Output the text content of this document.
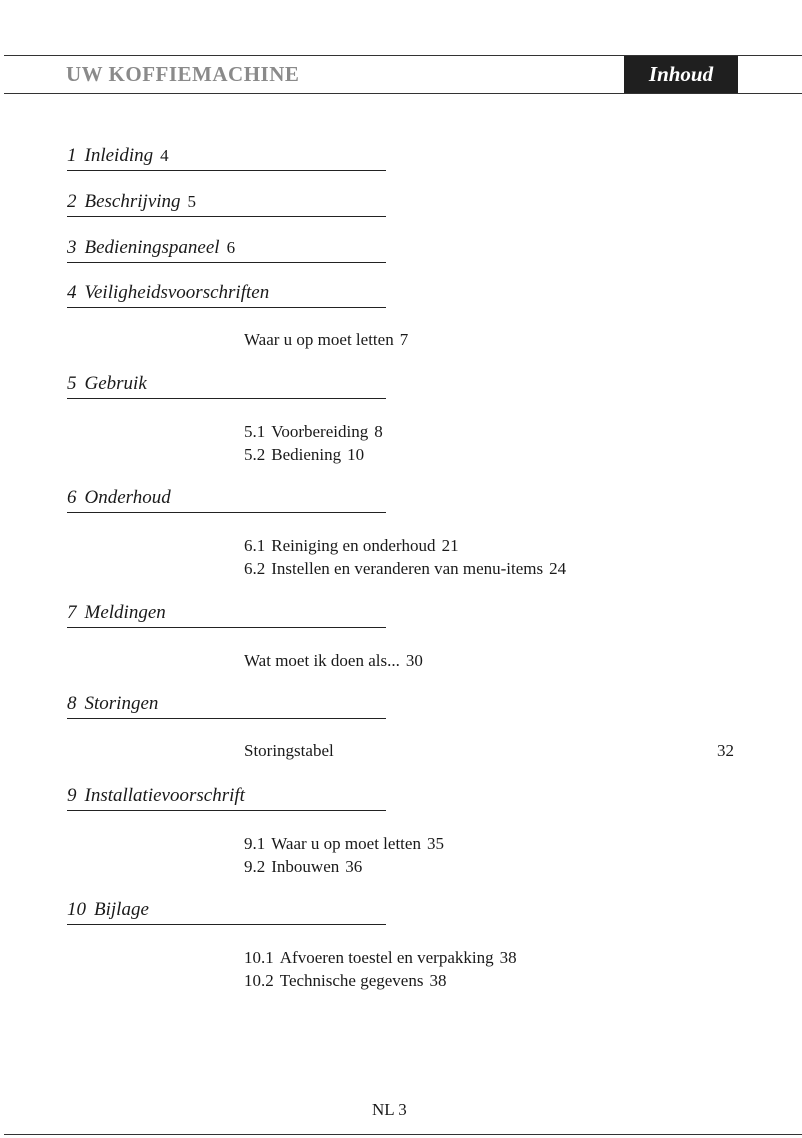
UW KOFFIEMACHINE	Inhoud
1 Inleiding 4
2 Beschrijving 5
3 Bedieningspaneel 6
4 Veiligheidsvoorschriften
Waar u op moet letten 7
5 Gebruik
5.1 Voorbereiding 8
5.2 Bediening 10
6 Onderhoud
6.1 Reiniging en onderhoud 21
6.2 Instellen en veranderen van menu-items 24
7 Meldingen
Wat moet ik doen als... 30
8 Storingen
Storingstabel	32
9 Installatievoorschrift
9.1 Waar u op moet letten 35
9.2 Inbouwen 36
10 Bijlage
10.1 Afvoeren toestel en verpakking 38
10.2 Technische gegevens 38
NL 3
